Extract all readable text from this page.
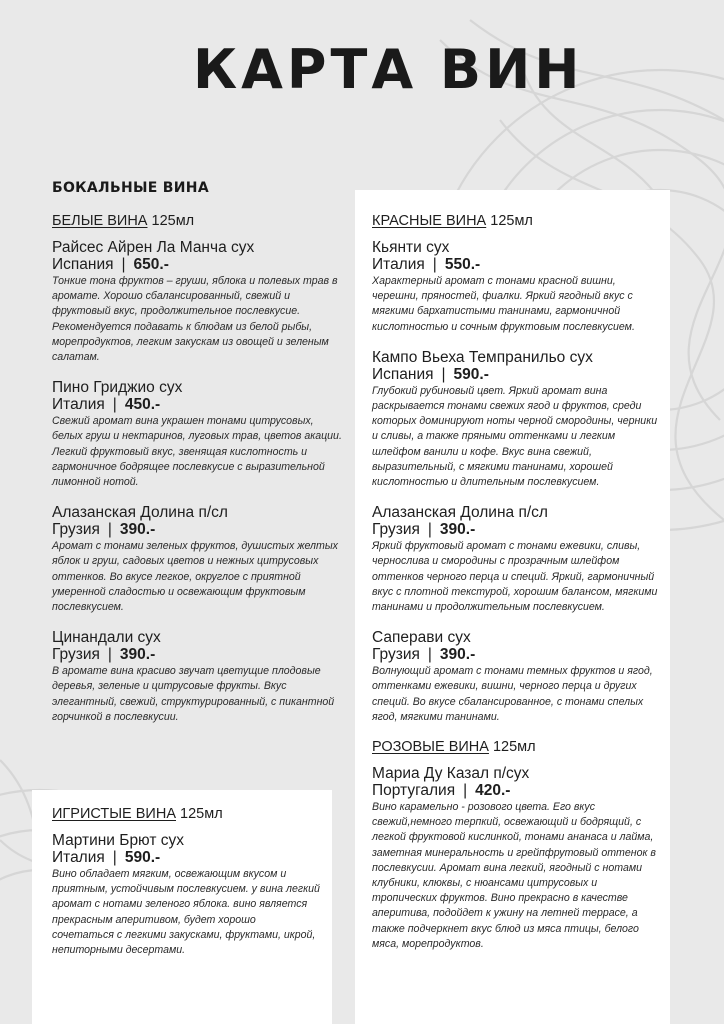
КАРТА ВИН
БОКАЛЬНЫЕ ВИНА
БЕЛЫЕ ВИНА 125мл
Райсес Айрен Ла Манча сух
Испания | 650.-
Тонкие тона фруктов – груши, яблока и полевых трав в аромате. Хорошо сбалансированный, свежий и фруктовый вкус, продолжительное послевкусие. Рекомендуется подавать к блюдам из белой рыбы, морепродуктов, легким закускам из овощей и зеленым салатам.
Пино Гриджио сух
Италия | 450.-
Свежий аромат вина украшен тонами цитрусовых, белых груш и нектаринов, луговых трав, цветов акации. Легкий фруктовый вкус, звенящая кислотность и гармоничное бодрящее послевкусие с выразительной лимонной нотой.
Алазанская Долина п/сл
Грузия | 390.-
Аромат с тонами зеленых фруктов, душистых желтых яблок и груш, садовых цветов и нежных цитрусовых оттенков. Во вкусе легкое, округлое с приятной умеренной сладостью и освежающим фруктовым послевкусием.
Цинандали сух
Грузия | 390.-
В аромате вина красиво звучат цветущие плодовые деревья, зеленые и цитрусовые фрукты. Вкус элегантный, свежий, структурированный, с пикантной горчинкой в послевкусии.
ИГРИСТЫЕ ВИНА 125мл
Мартини Брют сух
Италия | 590.-
Вино обладает мягким, освежающим вкусом и приятным, устойчивым послевкусием. у вина легкий аромат с нотами зеленого яблока. вино является прекрасным аперитивом, будет хорошо сочетаться с легкими закусками, фруктами, икрой, непиторными десертами.
КРАСНЫЕ ВИНА 125мл
Кьянти сух
Италия | 550.-
Характерный аромат с тонами красной вишни, черешни, пряностей, фиалки. Яркий ягодный вкус с мягкими бархатистыми танинами, гармоничной кислотностью и сочным фруктовым послевкусием.
Кампо Вьеха Темпранильо сух
Испания | 590.-
Глубокий рубиновый цвет. Яркий аромат вина раскрывается тонами свежих ягод и фруктов, среди которых доминируют ноты черной смородины, черники и сливы, а также пряными оттенками и легким шлейфом ванили и кофе. Вкус вина свежий, выразительный, с мягкими танинами, хорошей кислотностью и длительным послевкусием.
Алазанская Долина п/сл
Грузия | 390.-
Яркий фруктовый аромат с тонами ежевики, сливы, чернослива и смородины с прозрачным шлейфом оттенков черного перца и специй. Яркий, гармоничный вкус с плотной текстурой, хорошим балансом, мягкими танинами и продолжительным послевкусием.
Саперави сух
Грузия | 390.-
Волнующий аромат с тонами темных фруктов и ягод, оттенками ежевики, вишни, черного перца и других специй. Во вкусе сбалансированное, с тонами спелых ягод, мягкими танинами.
РОЗОВЫЕ ВИНА 125мл
Мариа Ду Казал п/сух
Португалия | 420.-
Вино карамельно - розового цвета. Его вкус свежий,немного терпкий, освежающий и бодрящий, с легкой фруктовой кислинкой, тонами ананаса и лайма, заметная минеральность и грейпфрутовый оттенок в послевкусии. Аромат вина легкий, ягодный с нотами клубники, клюквы, с нюансами цитрусовых и тропических фруктов. Вино прекрасно в качестве аперитива, подойдет к ужину на летней террасе, а также подчеркнет вкус блюд из мяса птицы, белого мяса, морепродуктов.
